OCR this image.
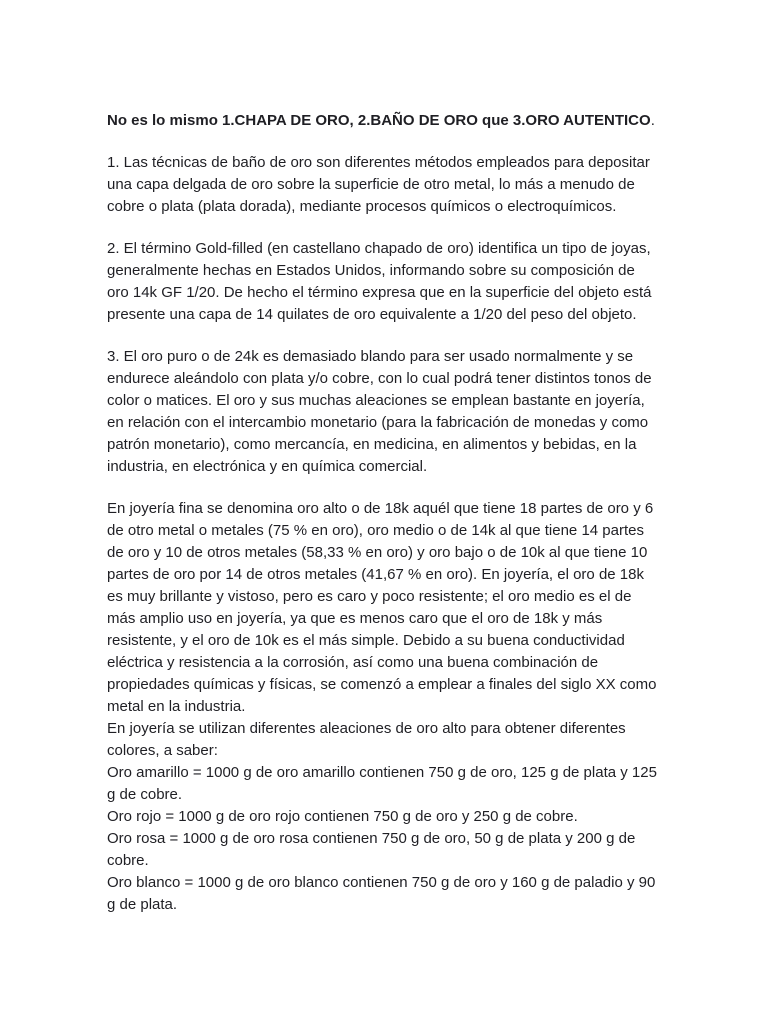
No es lo mismo 1.CHAPA DE ORO, 2.BAÑO DE ORO que 3.ORO AUTENTICO.

1. Las técnicas de baño de oro son diferentes métodos empleados para depositar
una capa delgada de oro sobre la superficie de otro metal, lo más a menudo de
cobre o plata (plata dorada), mediante procesos químicos o electroquímicos.

2. El término Gold-filled (en castellano chapado de oro) identifica un tipo de joyas,
generalmente hechas en Estados Unidos, informando sobre su composición de
oro 14k GF 1/20. De hecho el término expresa que en la superficie del objeto está
presente una capa de 14 quilates de oro equivalente a 1/20 del peso del objeto.

3. El oro puro o de 24k es demasiado blando para ser usado normalmente y se
endurece aleándolo con plata y/o cobre, con lo cual podrá tener distintos tonos de
color o matices. El oro y sus muchas aleaciones se emplean bastante en joyería,
en relación con el intercambio monetario (para la fabricación de monedas y como
patrón monetario), como mercancía, en medicina, en alimentos y bebidas, en la
industria, en electrónica y en química comercial.

En joyería fina se denomina oro alto o de 18k aquél que tiene 18 partes de oro y 6
de otro metal o metales (75 % en oro), oro medio o de 14k al que tiene 14 partes
de oro y 10 de otros metales (58,33 % en oro) y oro bajo o de 10k al que tiene 10
partes de oro por 14 de otros metales (41,67 % en oro). En joyería, el oro de 18k
es muy brillante y vistoso, pero es caro y poco resistente; el oro medio es el de
más amplio uso en joyería, ya que es menos caro que el oro de 18k y más
resistente, y el oro de 10k es el más simple. Debido a su buena conductividad
eléctrica y resistencia a la corrosión, así como una buena combinación de
propiedades químicas y físicas, se comenzó a emplear a finales del siglo XX como
metal en la industria.
En joyería se utilizan diferentes aleaciones de oro alto para obtener diferentes
colores, a saber:
Oro amarillo = 1000 g de oro amarillo contienen 750 g de oro, 125 g de plata y 125
g de cobre.
Oro rojo = 1000 g de oro rojo contienen 750 g de oro y 250 g de cobre.
Oro rosa = 1000 g de oro rosa contienen 750 g de oro, 50 g de plata y 200 g de
cobre.
Oro blanco = 1000 g de oro blanco contienen 750 g de oro y 160 g de paladio y 90
g de plata.
